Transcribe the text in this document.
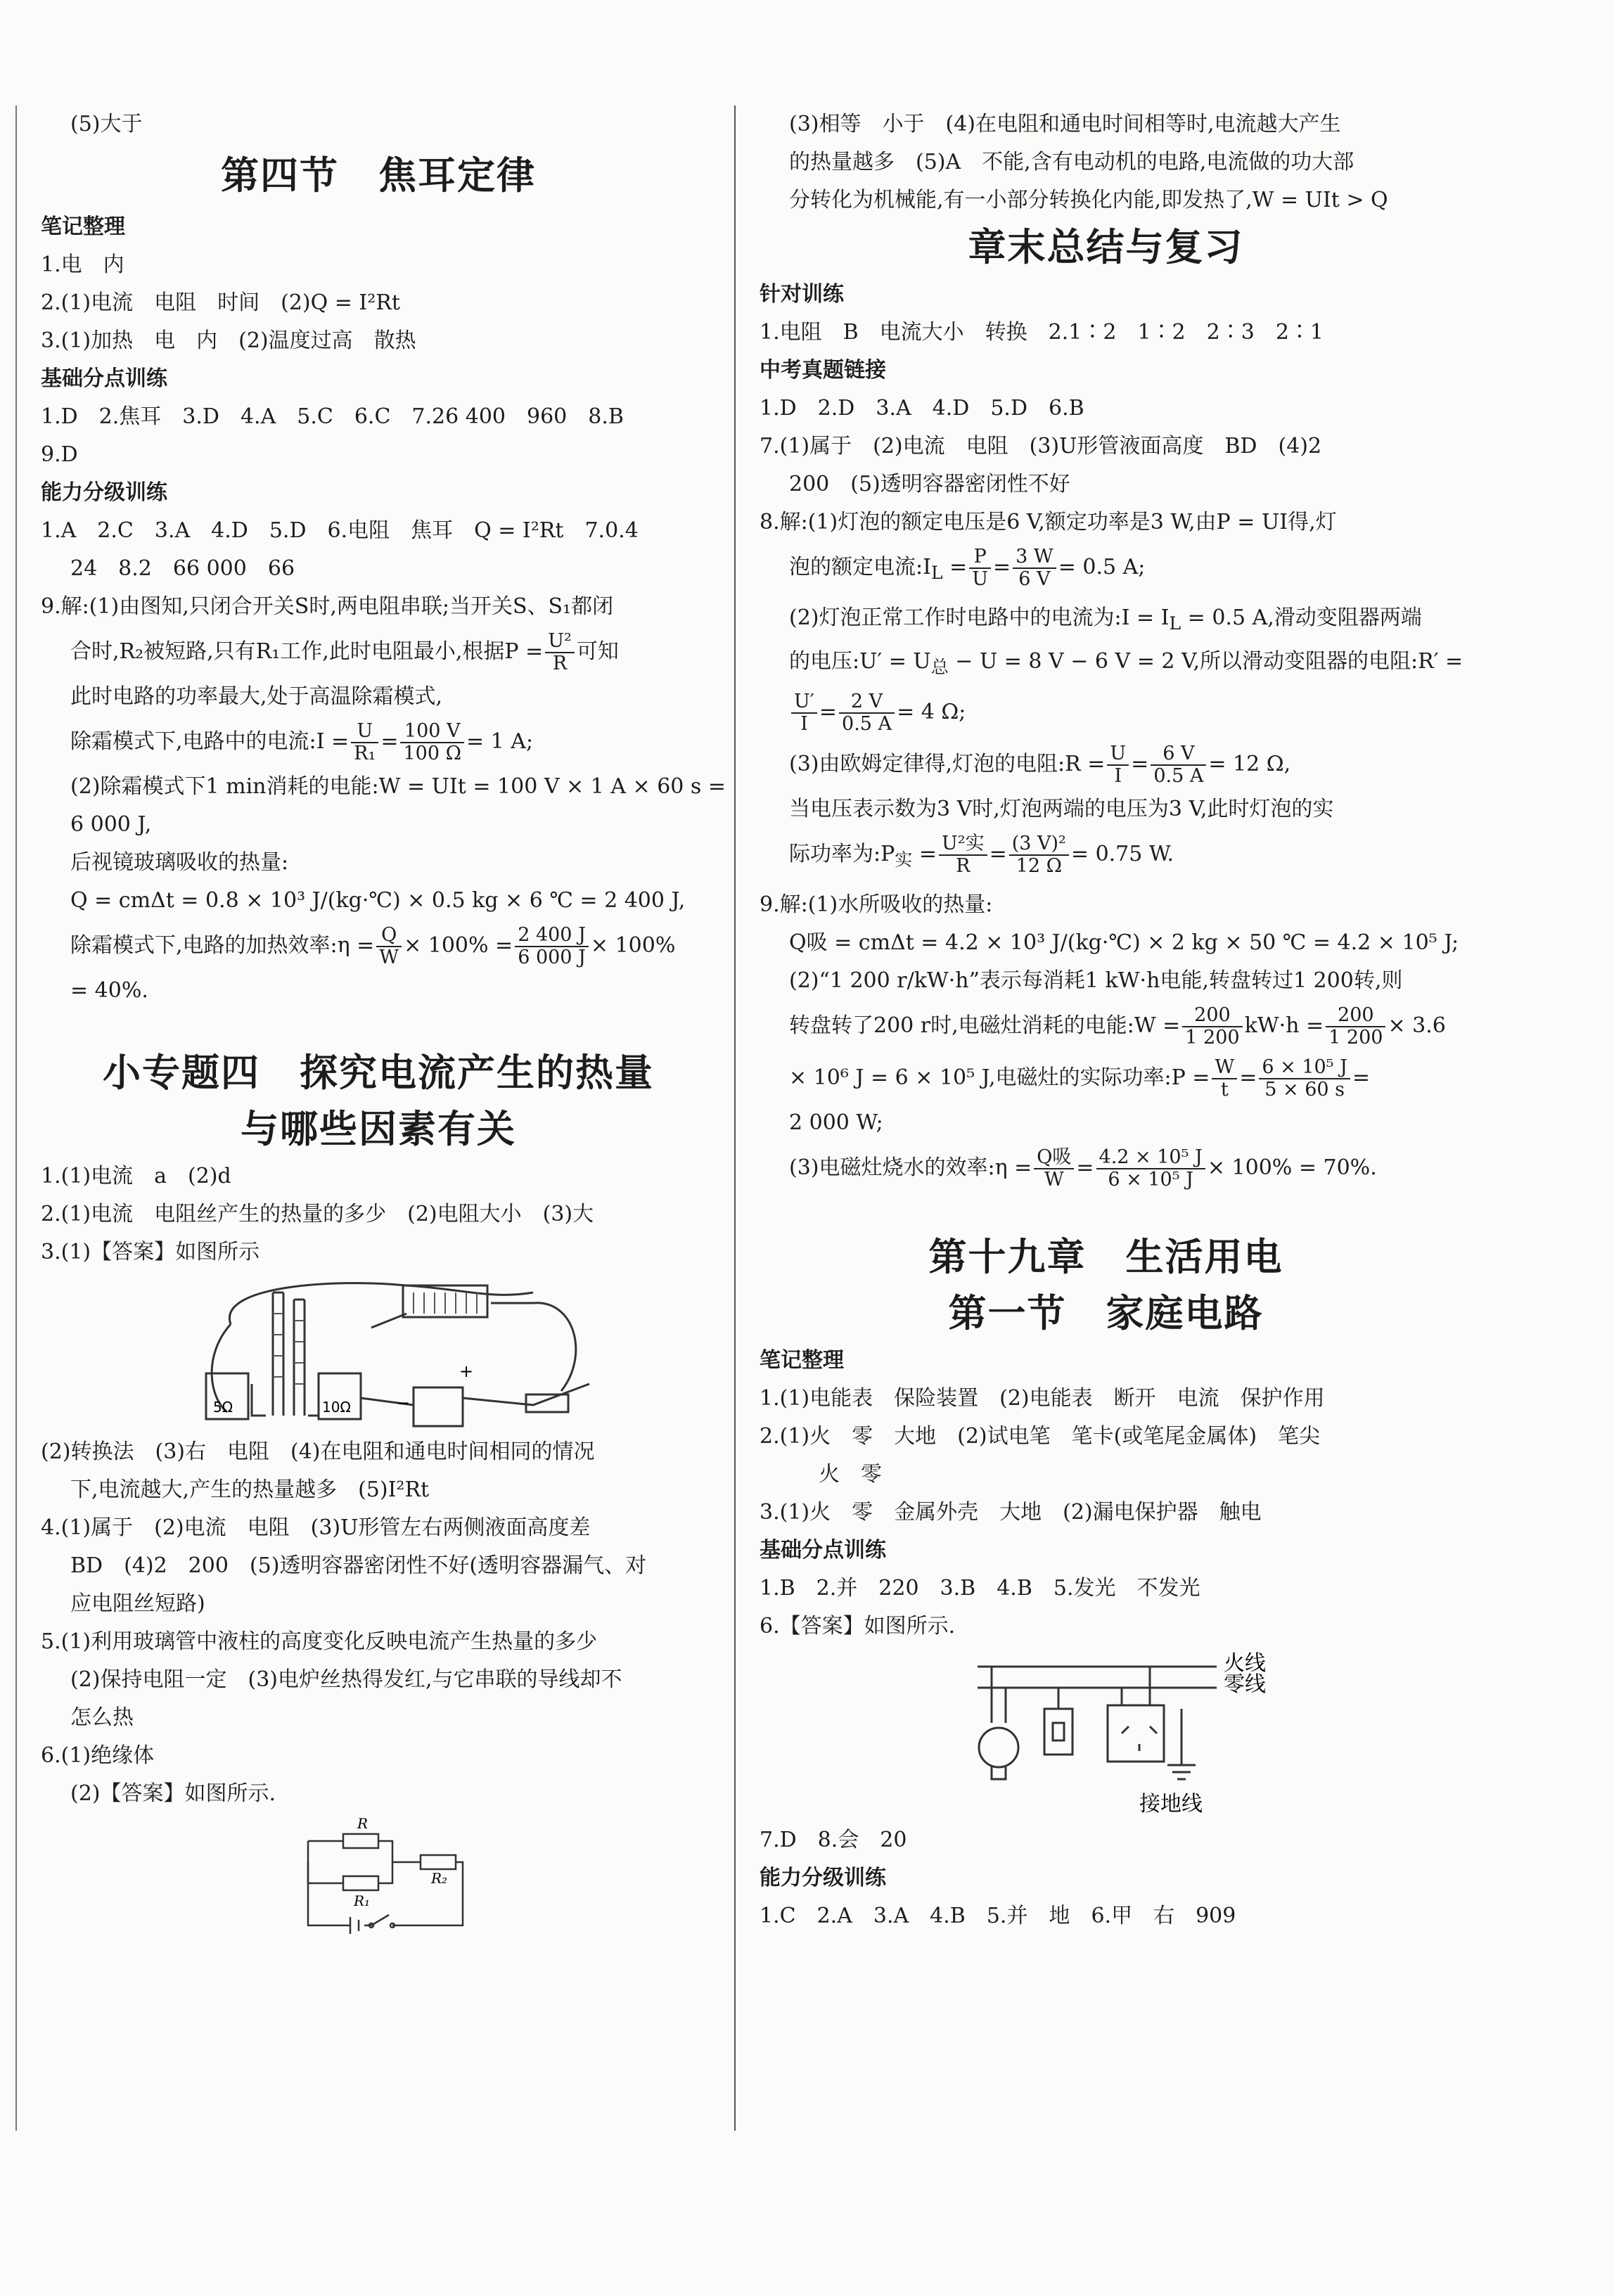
(5)大于
第四节　焦耳定律
笔记整理
1.电　内
2.(1)电流　电阻　时间　(2)Q = I²Rt
3.(1)加热　电　内　(2)温度过高　散热
基础分点训练
1.D　2.焦耳　3.D　4.A　5.C　6.C　7.26 400　960　8.B
9.D
能力分级训练
1.A　2.C　3.A　4.D　5.D　6.电阻　焦耳　Q = I²Rt　7.0.4
24　8.2　66 000　66
9.解:(1)由图知,只闭合开关S时,两电阻串联;当开关S、S₁都闭
合时,R₂被短路,只有R₁工作,此时电阻最小,根据$P = \frac{\text{U²}}{R}$ 可知
此时电路的功率最大,处于高温除霜模式,
除霜模式下,电路中的电流:I = $\frac{U}{\text{R₁}} = \frac{100 V}{100 \Omega} = 1$ A;
(2)除霜模式下1 min消耗的电能:W = UIt = 100 V × 1 A × 60 s =
6 000 J,
后视镜玻璃吸收的热量:
Q = cmΔt = 0.8 × 10³ J/(kg·℃) × 0.5 kg × 6 ℃ = 2 400 J,
除霜模式下,电路的加热效率:η = $\frac{Q}{W} \times 100\% = \frac{2 400 J}{6 000 J} \times 100\%$
= 40%.
小专题四　探究电流产生的热量
与哪些因素有关
1.(1)电流　a　(2)d
2.(1)电流　电阻丝产生的热量的多少　(2)电阻大小　(3)大
3.(1)【答案】如图所示
5Ω	10Ω
+
−
(2)转换法　(3)右　电阻　(4)在电阻和通电时间相同的情况
下,电流越大,产生的热量越多　(5)I²Rt
4.(1)属于　(2)电流　电阻　(3)U形管左右两侧液面高度差
BD　(4)2　200　(5)透明容器密闭性不好(透明容器漏气、对
应电阻丝短路)
5.(1)利用玻璃管中液柱的高度变化反映电流产生热量的多少
(2)保持电阻一定　(3)电炉丝热得发红,与它串联的导线却不
怎么热
6.(1)绝缘体
(2)【答案】如图所示.
R
R₁
R₂
(3)相等　小于　(4)在电阻和通电时间相等时,电流越大产生
的热量越多　(5)A　不能,含有电动机的电路,电流做的功大部
分转化为机械能,有一小部分转换化内能,即发热了,W = UIt > Q
章末总结与复习
针对训练
1.电阻　B　电流大小　转换　2.1∶2　1∶2　2∶3　2∶1
中考真题链接
1.D　2.D　3.A　4.D　5.D　6.B
7.(1)属于　(2)电流　电阻　(3)U形管液面高度　BD　(4)2
200　(5)透明容器密闭性不好
8.解:(1)灯泡的额定电压是6 V,额定功率是3 W,由P = UI得,灯
泡的额定电流$:I_L = \frac{P}{U} = \frac{3 W}{6 V} = 0.5$ A;
(2)灯泡正常工作时电路中的电流为:I = $I_L = 0.5$ A,滑动变阻器两端
的电压:U′ = $U_总 - U = 8$ V − 6 V = 2 V,所以滑动变阻器的电阻:R′ =
$\frac{U'}{I} = \frac{2 V}{0.5 A} = 4$ Ω;
(3)由欧姆定律得,灯泡的电阻:R = $\frac{U}{I} = \frac{6 V}{0.5 A} = 12$ Ω,
当电压表示数为3 V时,灯泡两端的电压为3 V,此时灯泡的实
际功率为$:P_实 = \frac{\text{U²实}}{R} = \frac{\text{(3 V)²}}{12 \Omega} = 0.75$ W.
9.解:(1)水所吸收的热量:
Q吸 = cmΔt = 4.2 × 10³ J/(kg·℃) × 2 kg × 50 ℃ = 4.2 × 10⁵ J;
(2)“1 200 r/kW·h”表示每消耗1 kW·h电能,转盘转过1 200转,则
转盘转了200 r时,电磁灶消耗的电能:W = $\frac{200}{1 200} kW\cdot h = \frac{200}{1 200} \times 3.6$
× 10⁶ J = 6 × 10⁵ J,电磁灶的实际功率:P = $\frac{W}{t} = \frac{\text{6 × 10⁵ J}}{5 \times 60 s}$ =
2 000 W;
(3)电磁灶烧水的效率:η = $\frac{\text{Q吸}}{W} = \frac{\text{4.2 × 10⁵ J}}{\text{6 × 10⁵ J}} \times 100\% = 70\%$.
第十九章　生活用电
第一节　家庭电路
笔记整理
1.(1)电能表　保险装置　(2)电能表　断开　电流　保护作用
2.(1)火　零　大地　(2)试电笔　笔卡(或笔尾金属体)　笔尖
火　零
3.(1)火　零　金属外壳　大地　(2)漏电保护器　触电
基础分点训练
1.B　2.并　220　3.B　4.B　5.发光　不发光
6.【答案】如图所示.
火线
零线
接地线
7.D　8.会　20
能力分级训练
1.C　2.A　3.A　4.B　5.并　地　6.甲　右　909
